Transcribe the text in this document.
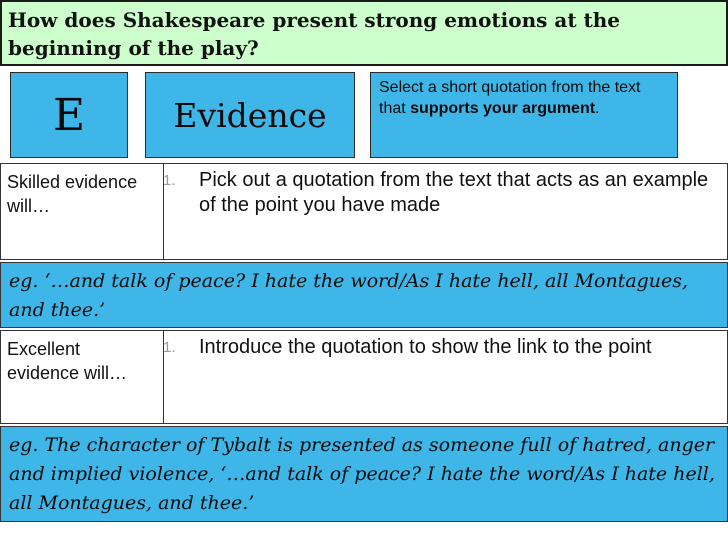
How does Shakespeare present strong emotions at the beginning of the play?
E	Evidence
Select a short quotation from the text that supports your argument.
Skilled evidence will…
1. Pick out a quotation from the text that acts as an example of the point you have made
eg. ‘…and talk of peace? I hate the word/As I hate hell, all Montagues, and thee.’
Excellent evidence will…
1. Introduce the quotation to show the link to the point
eg. The character of Tybalt is presented as someone full of hatred, anger and implied violence, ‘…and talk of peace? I hate the word/As I hate hell, all Montagues, and thee.’
